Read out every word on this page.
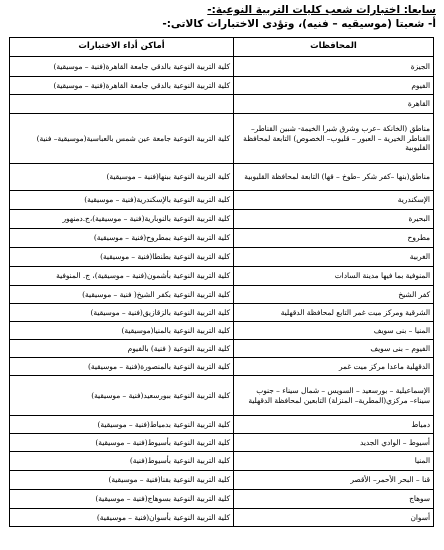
سابعا: اختبارات شعب كليات التربية النوعية:-
أ- شعبتا (موسيقيه – فنيه)، وتؤدى الاختبارات كالاتى:-
المحافظات	أماكن أداء الاختبارات
الجيزة	كلية التربية النوعية بالدقي جامعة القاهرة(فنية – موسيقية)
الفيوم	كلية التربية النوعية بالدقي جامعة القاهرة(فنية – موسيقية)
القاهرة	
مناطق (الخانكة –عرب وشرق شبرا الخيمة- شبين القناطر– القناطر الخيرية – العبور – قليوب– الخصوص) التابعة لمحافظة القليوبية	كلية التربية النوعية جامعة عين شمس بالعباسية(موسيقية– فنية)
مناطق(بنها –كفر شكر –طوخ – قها) التابعة لمحافظة القليوبية	كلية التربية النوعية ببنها(فنية – موسيقية)
الإسكندرية	كلية التربية النوعية بالإسكندرية(فنية – موسيقية)
البحيرة	كلية التربية النوعية بالنوبارية(فنية – موسيقية)،ج.دمنهور
مطروح	كلية التربية النوعية بمطروح(فنية – موسيقية)
الغربية	كلية التربية النوعية بطنطا(فنية – موسيقية)
المنوفية بما فيها مدينة السادات	كلية التربية النوعية بأشمون(فنية – موسيقية)، ج. المنوفية
كفر الشيخ	كلية التربية النوعية بكفر الشيخ( فنية – موسيقية)
الشرقية ومركز ميت غمر التابع لمحافظة الدقهلية	كلية التربية النوعية بالزقازيق(فنية – موسيقية)
المنيا – بنى سويف	كلية التربية النوعية بالمنيا(موسيقية)
الفيوم – بنى سويف	كلية التربية النوعية ( فنية) بالفيوم
الدقهلية ماعدا مركز ميت غمر	كلية التربية النوعية بالمنصورة(فنية – موسيقية)
الإسماعيلية – بورسعيد – السويس – شمال سيناء – جنوب سيناء– مركزي(المطرية– المنزلة) التابعين لمحافظة الدقهلية	كلية التربية النوعية ببورسعيد(فنية – موسيقية)
دمياط	كلية التربية النوعية بدمياط(فنية – موسيقية)
أسيوط – الوادي الجديد	كلية التربية النوعية بأسيوط(فنية – موسيقية)
المنيا	كلية التربية النوعية بأسيوط(فنية)
قنا – البحر الأحمر– الأقصر	كلية التربية النوعية بقنا(فنية – موسيقية)
سوهاج	كلية التربية النوعية بسوهاج(فنية – موسيقية)
أسوان	كلية التربية النوعية بأسوان(فنية – موسيقية)
